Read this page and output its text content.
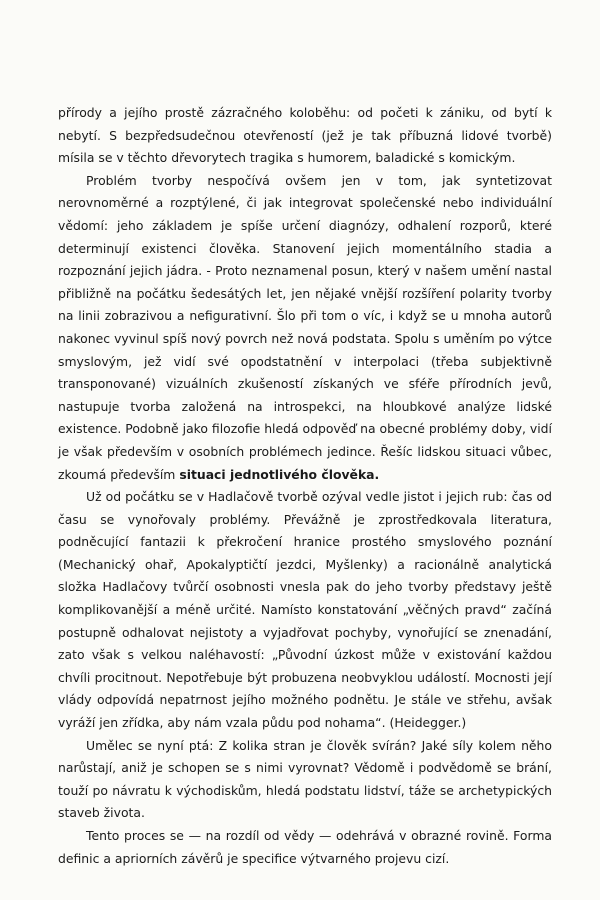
přírody a jejího prostě zázračného koloběhu: od početi k zániku, od bytí k nebytí. S bezpředsudečnou otevřeností (jež je tak příbuzná lidové tvorbě) mísila se v těchto dřevorytech tragika s humorem, baladické s komickým.

Problém tvorby nespočívá ovšem jen v tom, jak syntetizovat nerovnoměrné a rozptýlené, či jak integrovat společenské nebo individuální vědomí: jeho základem je spíše určení diagnózy, odhalení rozporů, které determinují existenci člověka. Stanovení jejich momentálního stadia a rozpoznání jejich jádra. - Proto neznamenal posun, který v našem umění nastal přibližně na počátku šedesátých let, jen nějaké vnější rozšíření polarity tvorby na linii zobrazivou a nefigurativní. Šlo při tom o víc, i když se u mnoha autorů nakonec vyvinul spíš nový povrch než nová podstata. Spolu s uměním po výtce smyslovým, jež vidí své opodstatnění v interpolaci (třeba subjektivně transponované) vizuálních zkušeností získaných ve sféře přírodních jevů, nastupuje tvorba založená na introspekci, na hloubkové analýze lidské existence. Podobně jako filozofie hledá odpověď na obecné problémy doby, vidí je však především v osobních problémech jedince. Řešíc lidskou situaci vůbec, zkoumá především situaci jednotlivého člověka.

Už od počátku se v Hadlačově tvorbě ozýval vedle jistot i jejich rub: čas od času se vynořovaly problémy. Převážně je zprostředkovala literatura, podněcující fantazii k překročení hranice prostého smyslového poznání (Mechanický ohař, Apokalyptičtí jezdci, Myšlenky) a racionálně analytická složka Hadlačovy tvůrčí osobnosti vnesla pak do jeho tvorby představy ještě komplikovanější a méně určité. Namísto konstatování „věčných pravd“ začíná postupně odhalovat nejistoty a vyjadřovat pochyby, vynořující se znenadání, zato však s velkou naléhavostí: „Původní úzkost může v existování každou chvíli procitnout. Nepotřebuje být probuzena neobvyklou událostí. Mocnosti její vlády odpovídá nepatrnost jejího možného podnětu. Je stále ve střehu, avšak vyráží jen zřídka, aby nám vzala půdu pod nohama“. (Heidegger.)

Umělec se nyní ptá: Z kolika stran je člověk svírán? Jaké síly kolem něho narůstají, aniž je schopen se s nimi vyrovnat? Vědomě i podvědomě se brání, touží po návratu k východiskům, hledá podstatu lidství, táže se archetypických staveb života.

Tento proces se — na rozdíl od vědy — odehrává v obrazné rovině. Forma definic a apriorních závěrů je specifice výtvarného projevu cizí.
